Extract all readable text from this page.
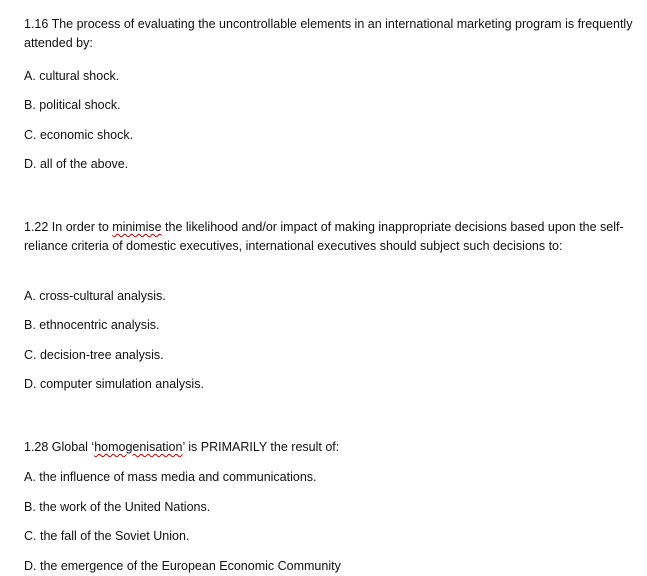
1.16 The process of evaluating the uncontrollable elements in an international marketing program is frequently attended by:

A. cultural shock.

B. political shock.

C. economic shock.

D. all of the above.

1.22 In order to minimise the likelihood and/or impact of making inappropriate decisions based upon the self-reliance criteria of domestic executives, international executives should subject such decisions to:

A. cross-cultural analysis.

B. ethnocentric analysis.

C. decision-tree analysis.

D. computer simulation analysis.

1.28 Global ‘homogenisation’ is PRIMARILY the result of:

A. the influence of mass media and communications.

B. the work of the United Nations.

C. the fall of the Soviet Union.

D. the emergence of the European Economic Community
